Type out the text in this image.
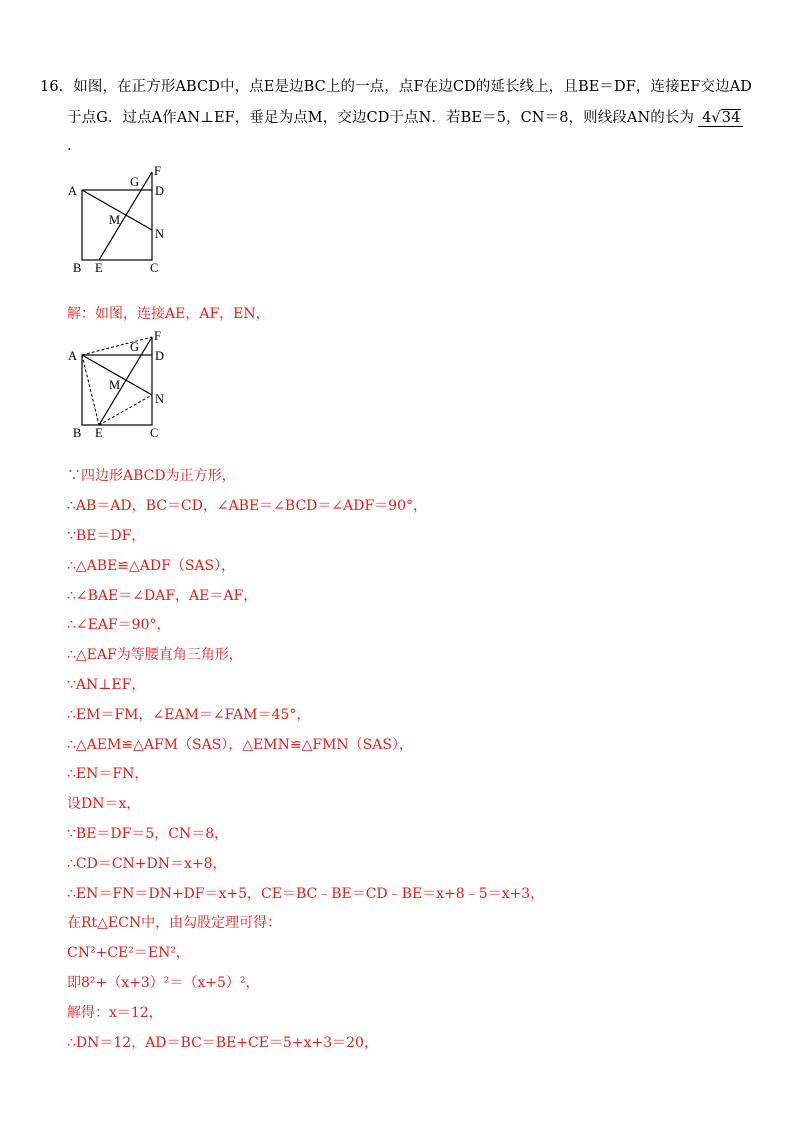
16．如图，在正方形ABCD中，点E是边BC上的一点，点F在边CD的延长线上，且BE＝DF，连接EF交边AD
于点G．过点A作AN⊥EF，垂足为点M，交边CD于点N．若BE＝5，CN＝8，则线段AN的长为 4√34
.
A
B	C
D
E
F
G
M
N
解：如图，连接AE，AF，EN，
A
B	C
D
E
F
G
M
N
∵四边形ABCD为正方形，
∴AB＝AD，BC＝CD，∠ABE＝∠BCD＝∠ADF＝90°，
∵BE＝DF，
∴△ABE≌△ADF（SAS），
∴∠BAE＝∠DAF，AE＝AF，
∴∠EAF＝90°，
∴△EAF为等腰直角三角形，
∵AN⊥EF，
∴EM＝FM，∠EAM＝∠FAM＝45°，
∴△AEM≌△AFM（SAS），△EMN≌△FMN（SAS），
∴EN＝FN，
设DN＝x，
∵BE＝DF＝5，CN＝8，
∴CD＝CN+DN＝x+8，
∴EN＝FN＝DN+DF＝x+5，CE＝BC﹣BE＝CD﹣BE＝x+8﹣5＝x+3，
在Rt△ECN中，由勾股定理可得：
CN²+CE²＝EN²，
即8²+（x+3）²＝（x+5）²，
解得：x＝12，
∴DN＝12，AD＝BC＝BE+CE＝5+x+3＝20，
